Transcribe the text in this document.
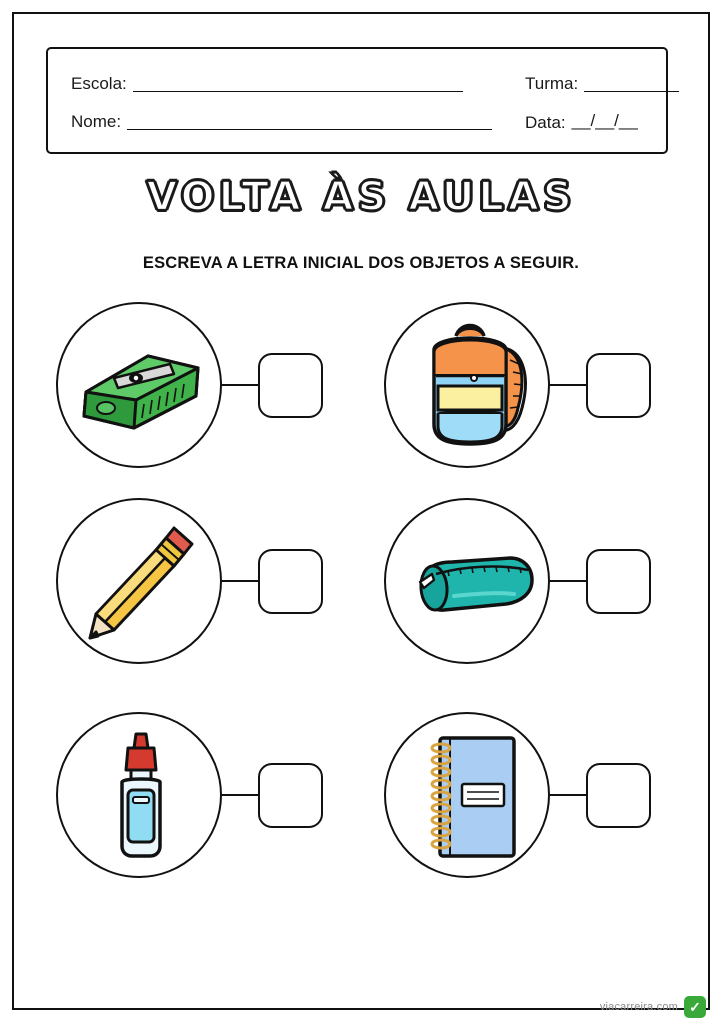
Escola:	Turma:
Nome:	Data: __/__/__
VOLTA ÀS AULAS
ESCREVA A LETRA INICIAL DOS OBJETOS A SEGUIR.
viacarreira.com ✓
